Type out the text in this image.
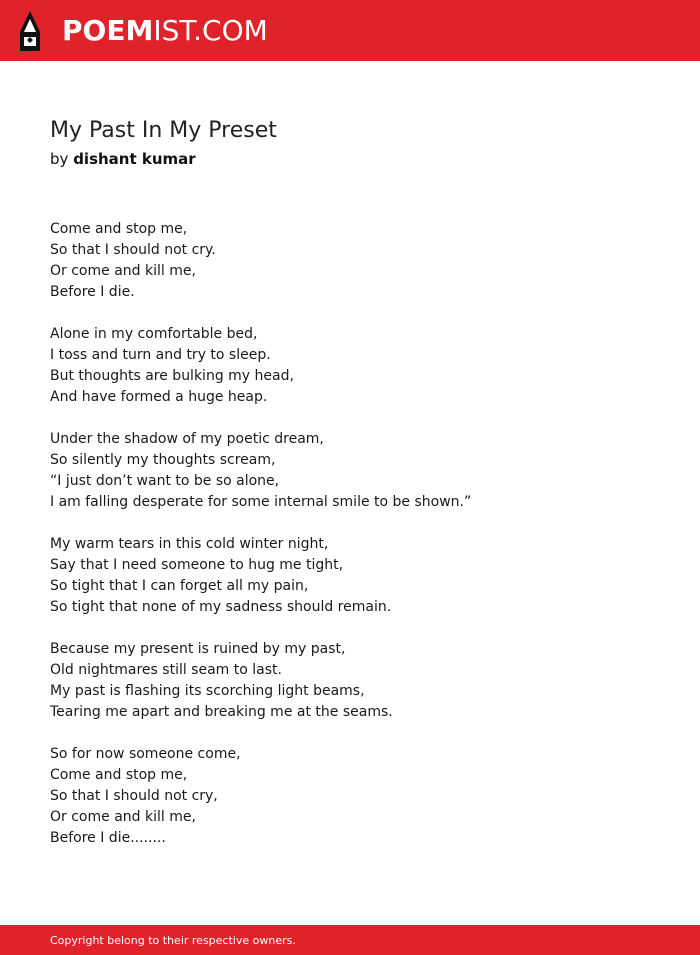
POEMIST.COM
My Past In My Preset
by dishant kumar

Come and stop me,
So that I should not cry.
Or come and kill me,
Before I die.

Alone in my comfortable bed,
I toss and turn and try to sleep.
But thoughts are bulking my head,
And have formed a huge heap.

Under the shadow of my poetic dream,
So silently my thoughts scream,
“I just don’t want to be so alone,
I am falling desperate for some internal smile to be shown.”

My warm tears in this cold winter night,
Say that I need someone to hug me tight,
So tight that I can forget all my pain,
So tight that none of my sadness should remain.

Because my present is ruined by my past,
Old nightmares still seam to last.
My past is flashing its scorching light beams,
Tearing me apart and breaking me at the seams.

So for now someone come,
Come and stop me,
So that I should not cry,
Or come and kill me,
Before I die........

Copyright belong to their respective owners.
